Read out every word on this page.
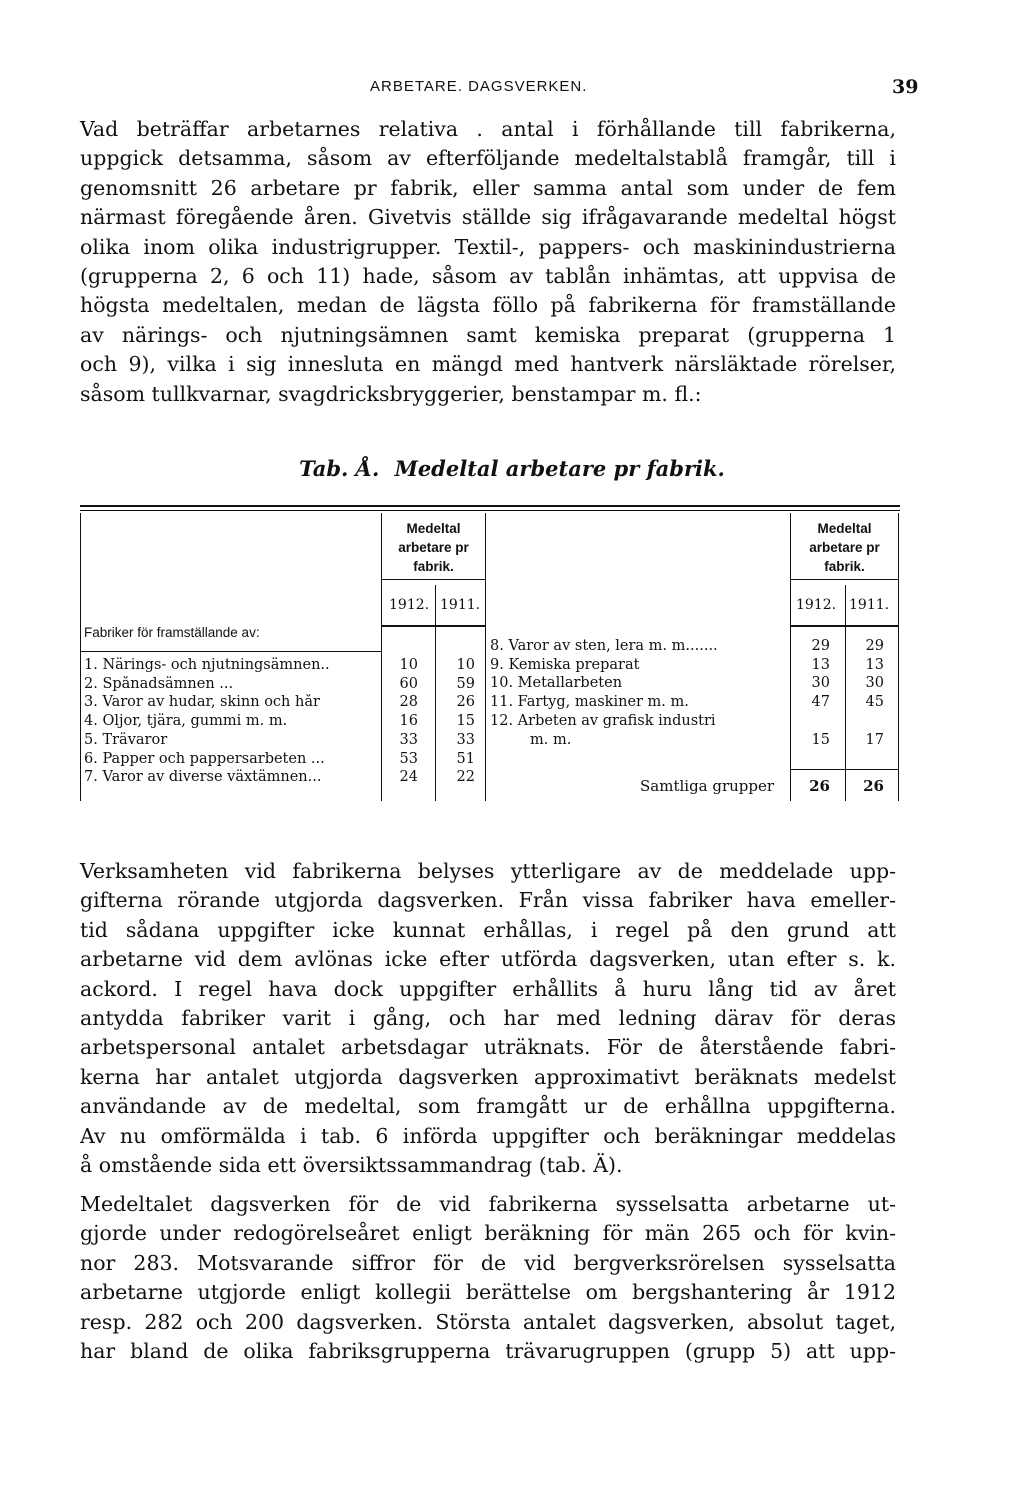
ARBETARE. DAGSVERKEN.	39

Vad beträffar arbetarnes relativa . antal i förhållande till fabrikerna,
uppgick detsamma, såsom av efterföljande medeltalstablå framgår, till i
genomsnitt 26 arbetare pr fabrik, eller samma antal som under de fem
närmast föregående åren. Givetvis ställde sig ifrågavarande medeltal högst
olika inom olika industrigrupper. Textil-, pappers- och maskinindustrierna
(grupperna 2, 6 och 11) hade, såsom av tablån inhämtas, att uppvisa de
högsta medeltalen, medan de lägsta föllo på fabrikerna för framställande
av närings- och njutningsämnen samt kemiska preparat (grupperna 1
och 9), vilka i sig innesluta en mängd med hantverk närsläktade rörelser,
såsom tullkvarnar, svagdricksbryggerier, benstampar m. fl.:

Tab. Å. Medeltal arbetare pr fabrik.
Medeltal arbetare pr fabrik.
Medeltal arbetare pr fabrik.
1912. 1911.	1912. 1911.
Fabriker för framställande av:
1. Närings- och njutningsämnen..	10	10
2. Spånadsämnen ...	60	59
3. Varor av hudar, skinn och hår	28	26
4. Oljor, tjära, gummi m. m.	16	15
5. Trävaror	33	33
6. Papper och pappersarbeten ...	53	51
7. Varor av diverse växtämnen...	24	22
8. Varor av sten, lera m. m.......	29	29
9. Kemiska preparat	13	13
10. Metallarbeten	30	30
11. Fartyg, maskiner m. m.	47	45
12. Arbeten av grafisk industri
m. m.	15	17
Samtliga grupper	26	26

Verksamheten vid fabrikerna belyses ytterligare av de meddelade upp-
gifterna rörande utgjorda dagsverken. Från vissa fabriker hava emeller-
tid sådana uppgifter icke kunnat erhållas, i regel på den grund att
arbetarne vid dem avlönas icke efter utförda dagsverken, utan efter s. k.
ackord. I regel hava dock uppgifter erhållits å huru lång tid av året
antydda fabriker varit i gång, och har med ledning därav för deras
arbetspersonal antalet arbetsdagar uträknats. För de återstående fabri-
kerna har antalet utgjorda dagsverken approximativt beräknats medelst
användande av de medeltal, som framgått ur de erhållna uppgifterna.
Av nu omförmälda i tab. 6 införda uppgifter och beräkningar meddelas
å omstående sida ett översiktssammandrag (tab. Ä).

Medeltalet dagsverken för de vid fabrikerna sysselsatta arbetarne ut-
gjorde under redogörelseåret enligt beräkning för män 265 och för kvin-
nor 283. Motsvarande siffror för de vid bergverksrörelsen sysselsatta
arbetarne utgjorde enligt kollegii berättelse om bergshantering år 1912
resp. 282 och 200 dagsverken. Största antalet dagsverken, absolut taget,
har bland de olika fabriksgrupperna trävarugruppen (grupp 5) att upp-
